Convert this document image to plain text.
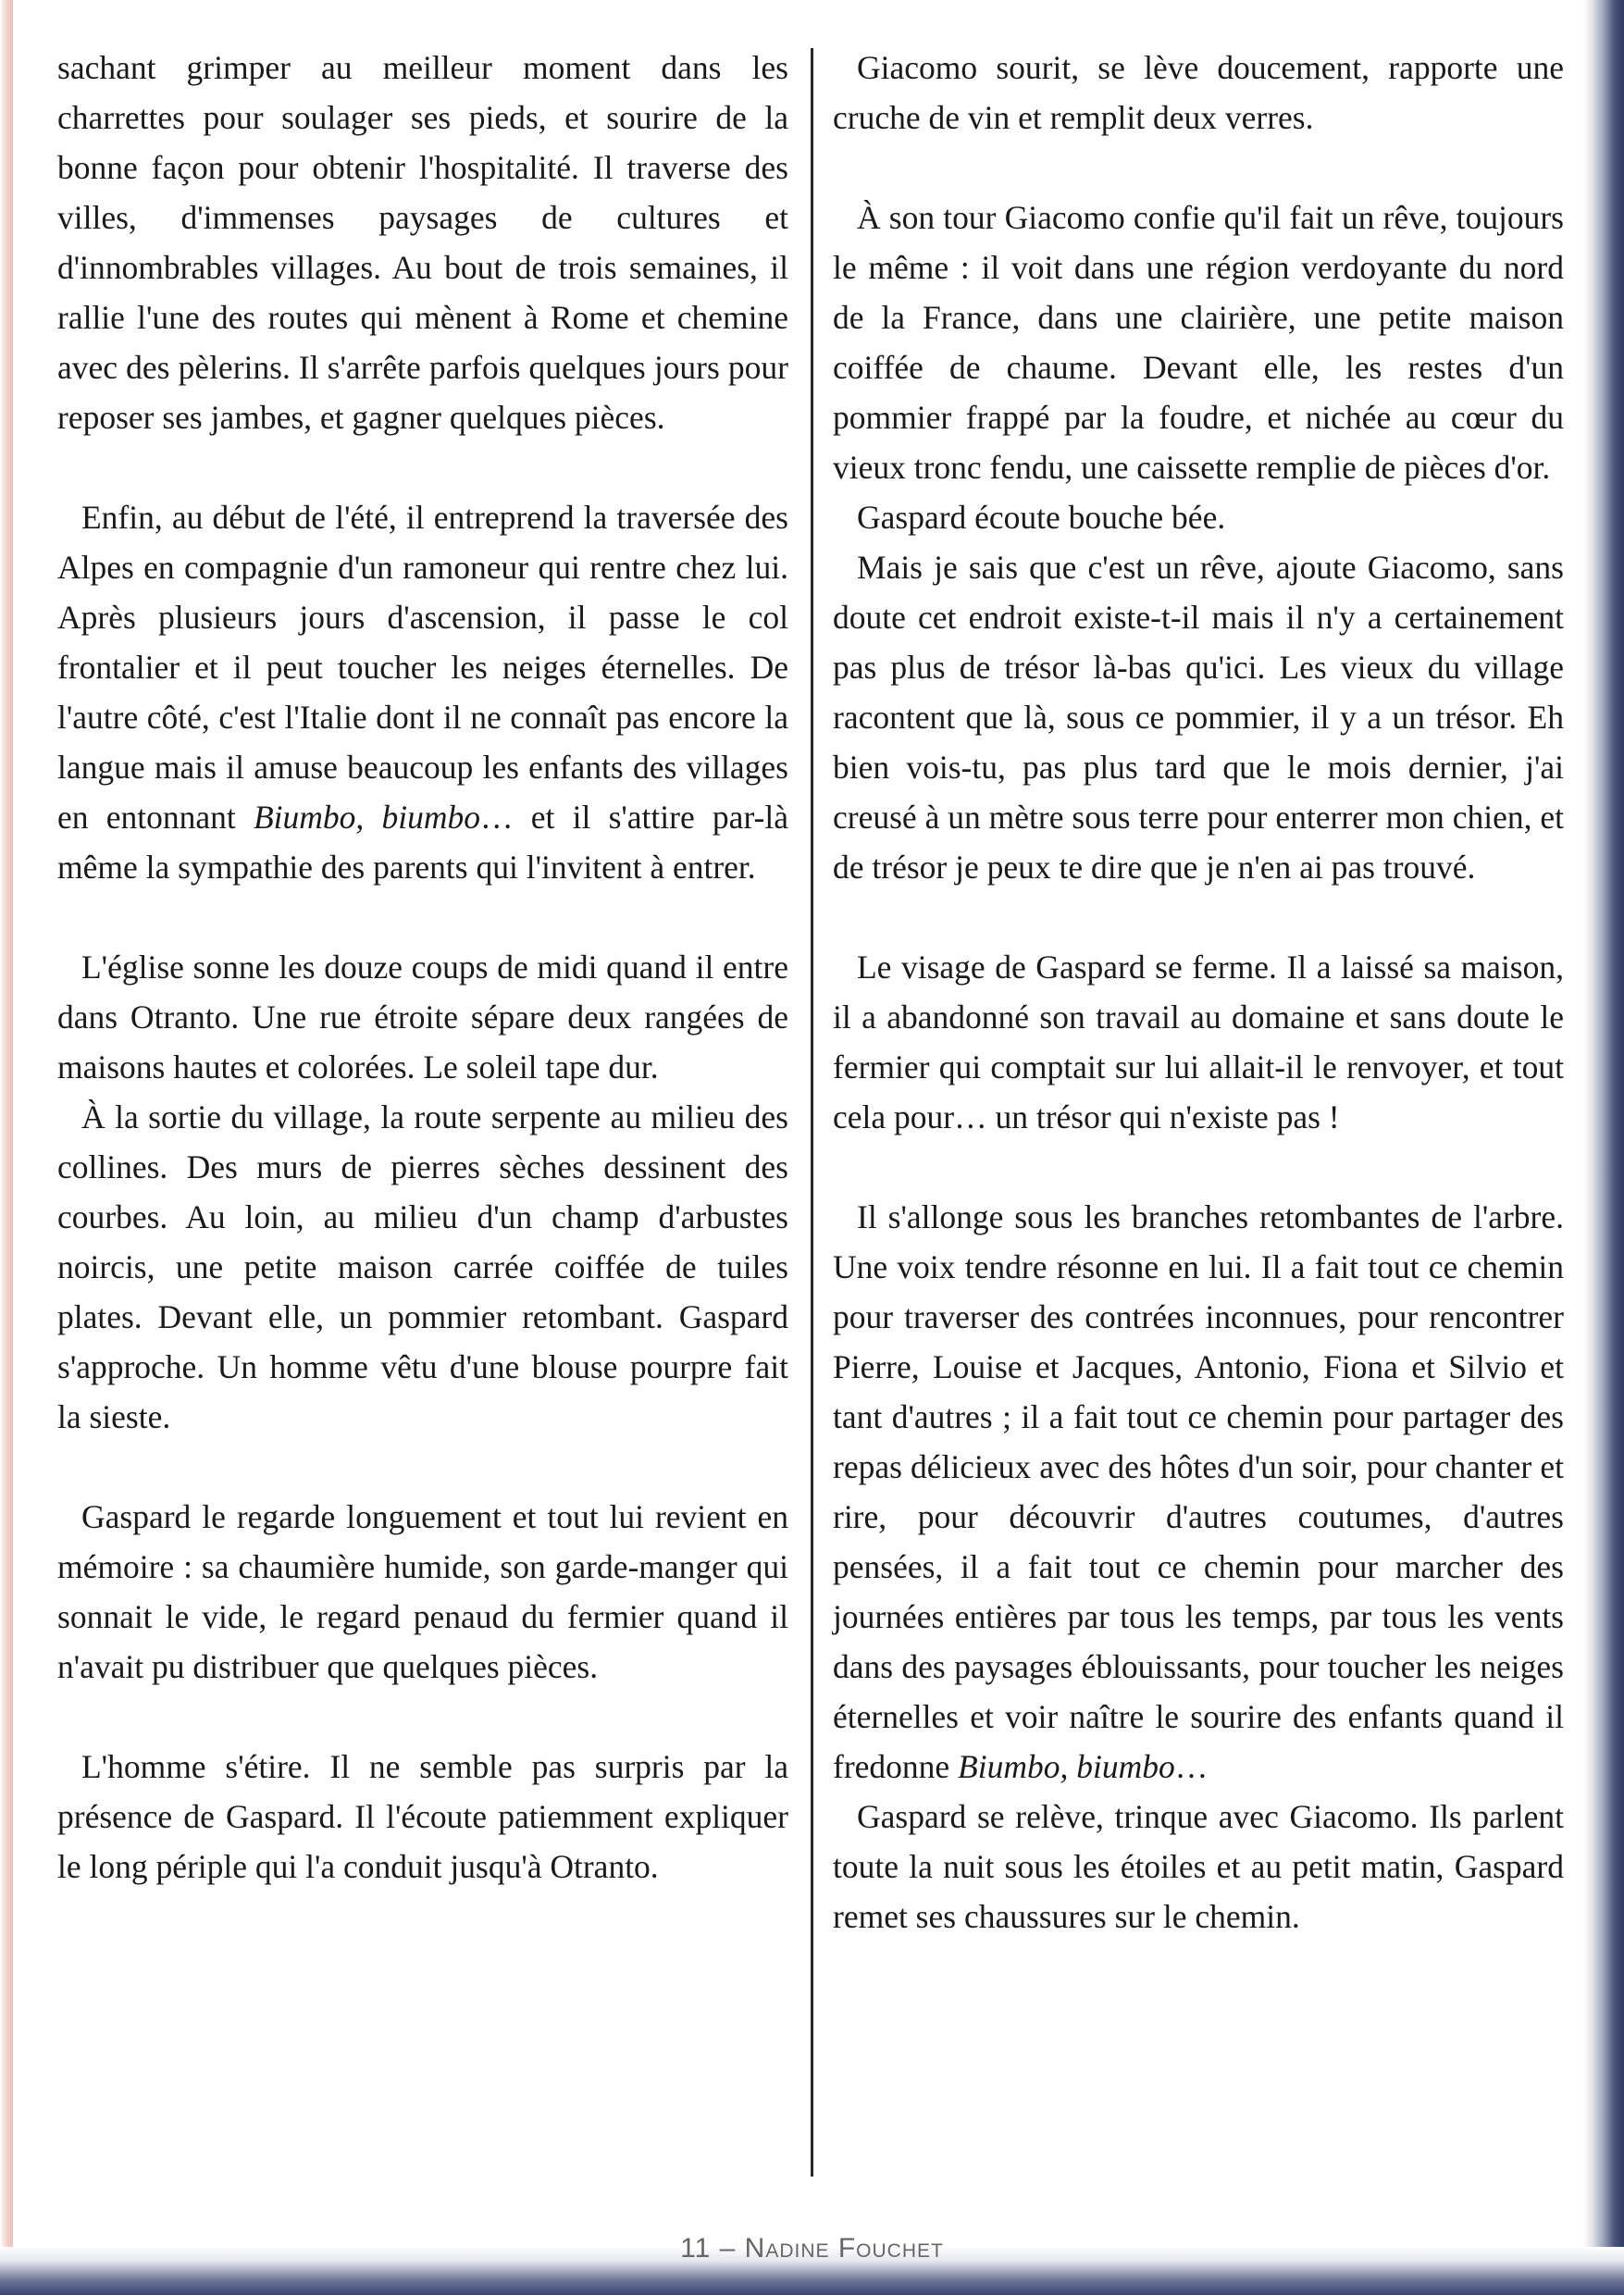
sachant grimper au meilleur moment dans les charrettes pour soulager ses pieds, et sourire de la bonne façon pour obtenir l'hospitalité. Il traverse des villes, d'immenses paysages de cultures et d'innombrables villages. Au bout de trois semaines, il rallie l'une des routes qui mènent à Rome et chemine avec des pèlerins. Il s'arrête parfois quelques jours pour reposer ses jambes, et gagner quelques pièces.

Enfin, au début de l'été, il entreprend la traversée des Alpes en compagnie d'un ramoneur qui rentre chez lui. Après plusieurs jours d'ascension, il passe le col frontalier et il peut toucher les neiges éternelles. De l'autre côté, c'est l'Italie dont il ne connaît pas encore la langue mais il amuse beaucoup les enfants des villages en entonnant Biumbo, biumbo… et il s'attire par-là même la sympathie des parents qui l'invitent à entrer.

L'église sonne les douze coups de midi quand il entre dans Otranto. Une rue étroite sépare deux rangées de maisons hautes et colorées. Le soleil tape dur.

À la sortie du village, la route serpente au milieu des collines. Des murs de pierres sèches dessinent des courbes. Au loin, au milieu d'un champ d'arbustes noircis, une petite maison carrée coiffée de tuiles plates. Devant elle, un pommier retombant. Gaspard s'approche. Un homme vêtu d'une blouse pourpre fait la sieste.

Gaspard le regarde longuement et tout lui revient en mémoire : sa chaumière humide, son garde-manger qui sonnait le vide, le regard penaud du fermier quand il n'avait pu distribuer que quelques pièces.

L'homme s'étire. Il ne semble pas surpris par la présence de Gaspard. Il l'écoute patiemment expliquer le long périple qui l'a conduit jusqu'à Otranto.

Giacomo sourit, se lève doucement, rapporte une cruche de vin et remplit deux verres.

À son tour Giacomo confie qu'il fait un rêve, toujours le même : il voit dans une région verdoyante du nord de la France, dans une clairière, une petite maison coiffée de chaume. Devant elle, les restes d'un pommier frappé par la foudre, et nichée au cœur du vieux tronc fendu, une caissette remplie de pièces d'or.

Gaspard écoute bouche bée.

Mais je sais que c'est un rêve, ajoute Giacomo, sans doute cet endroit existe-t-il mais il n'y a certainement pas plus de trésor là-bas qu'ici. Les vieux du village racontent que là, sous ce pommier, il y a un trésor. Eh bien vois-tu, pas plus tard que le mois dernier, j'ai creusé à un mètre sous terre pour enterrer mon chien, et de trésor je peux te dire que je n'en ai pas trouvé.

Le visage de Gaspard se ferme. Il a laissé sa maison, il a abandonné son travail au domaine et sans doute le fermier qui comptait sur lui allait-il le renvoyer, et tout cela pour… un trésor qui n'existe pas !

Il s'allonge sous les branches retombantes de l'arbre. Une voix tendre résonne en lui. Il a fait tout ce chemin pour traverser des contrées inconnues, pour rencontrer Pierre, Louise et Jacques, Antonio, Fiona et Silvio et tant d'autres ; il a fait tout ce chemin pour partager des repas délicieux avec des hôtes d'un soir, pour chanter et rire, pour découvrir d'autres coutumes, d'autres pensées, il a fait tout ce chemin pour marcher des journées entières par tous les temps, par tous les vents dans des paysages éblouissants, pour toucher les neiges éternelles et voir naître le sourire des enfants quand il fredonne Biumbo, biumbo…

Gaspard se relève, trinque avec Giacomo. Ils parlent toute la nuit sous les étoiles et au petit matin, Gaspard remet ses chaussures sur le chemin.

11 – Nadine Fouchet
